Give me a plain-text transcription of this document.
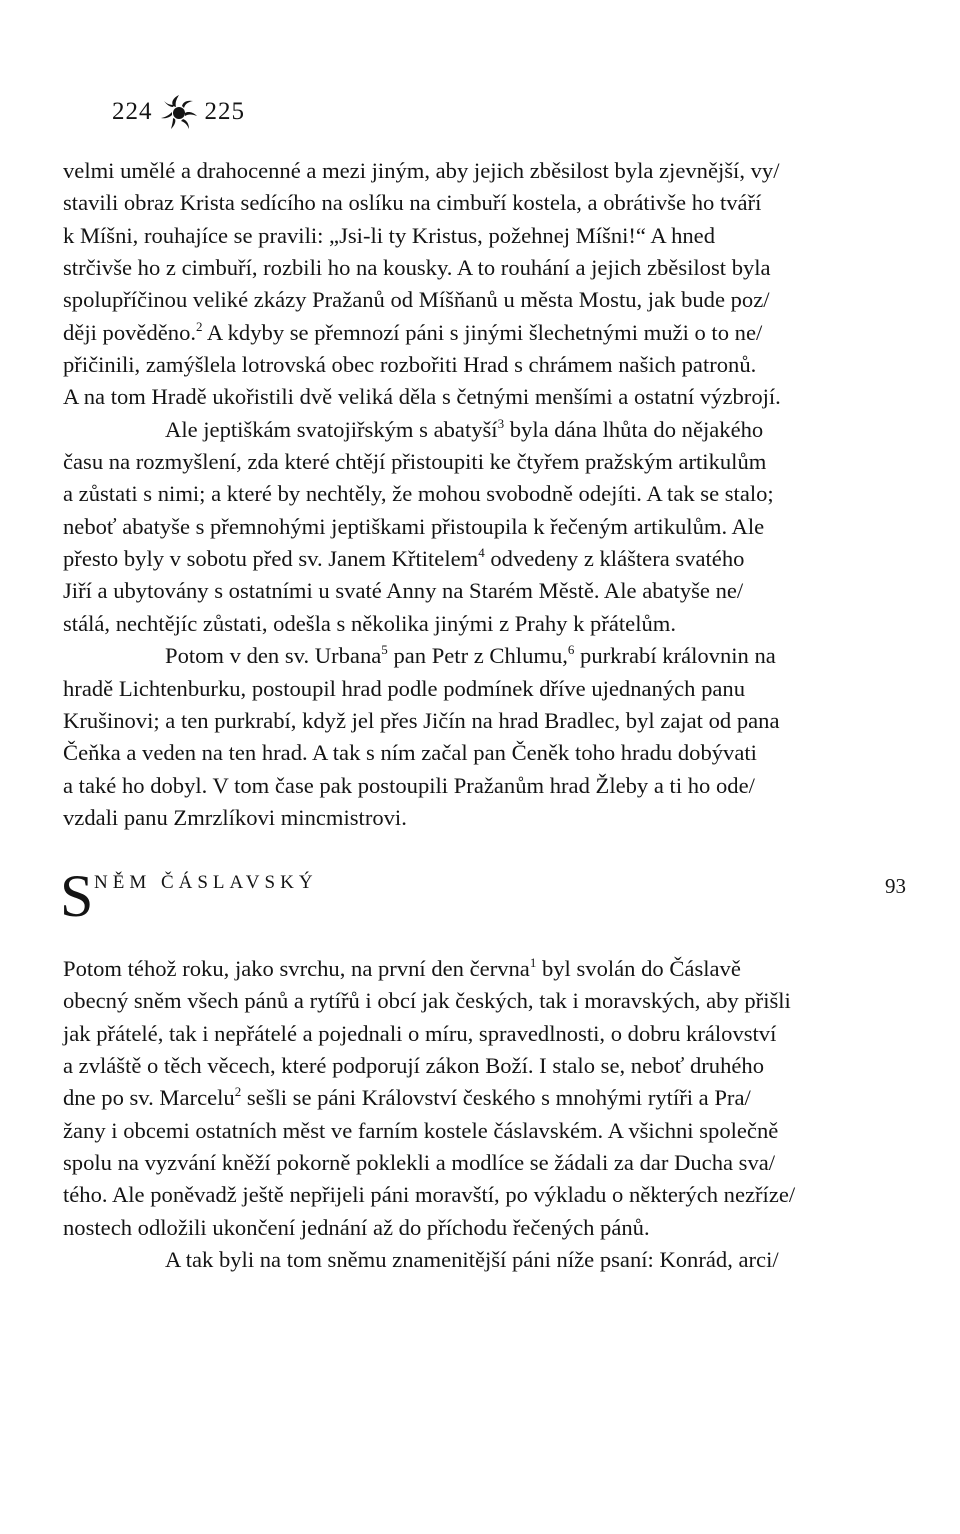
224 225
velmi umělé a drahocenné a mezi jiným, aby jejich zběsilost byla zjevnější, vy/
stavili obraz Krista sedícího na oslíku na cimbuří kostela, a obrátivše ho tváří
k Míšni, rouhajíce se pravili: „Jsi-li ty Kristus, požehnej Míšni!“ A hned
strčivše ho z cimbuří, rozbili ho na kousky. A to rouhání a jejich zběsilost byla
spolupříčinou veliké zkázy Pražanů od Míšňanů u města Mostu, jak bude poz/
ději pověděno.$^2$ A kdyby se přemnozí páni s jinými šlechetnými muži o to ne/
přičinili, zamýšlela lotrovská obec rozbořiti Hrad s chrámem našich patronů.
A na tom Hradě ukořistili dvě veliká děla s četnými menšími a ostatní výzbrojí.
Ale jeptiškám svatojiřským s abatyší$^3$ byla dána lhůta do nějakého
času na rozmyšlení, zda které chtějí přistoupiti ke čtyřem pražským artikulům
a zůstati s nimi; a které by nechtěly, že mohou svobodně odejíti. A tak se stalo;
neboť abatyše s přemnohými jeptiškami přistoupila k řečeným artikulům. Ale
přesto byly v sobotu před sv. Janem Křtitelem$^4$ odvedeny z kláštera svatého
Jiří a ubytovány s ostatními u svaté Anny na Starém Městě. Ale abatyše ne/
stálá, nechtějíc zůstati, odešla s několika jinými z Prahy k přátelům.
Potom v den sv. Urbana$^5$ pan Petr z Chlumu,$^6$ purkrabí královnin na
hradě Lichtenburku, postoupil hrad podle podmínek dříve ujednaných panu
Krušinovi; a ten purkrabí, když jel přes Jičín na hrad Bradlec, byl zajat od pana
Čeňka a veden na ten hrad. A tak s ním začal pan Čeněk toho hradu dobývati
a také ho dobyl. V tom čase pak postoupili Pražanům hrad Žleby a ti ho ode/
vzdali panu Zmrzlíkovi mincmistrovi.
S NĚM ČÁSLAVSKÝ	93
Potom téhož roku, jako svrchu, na první den června$^1$ byl svolán do Čáslavě
obecný sněm všech pánů a rytířů i obcí jak českých, tak i moravských, aby přišli
jak přátelé, tak i nepřátelé a pojednali o míru, spravedlnosti, o dobru království
a zvláště o těch věcech, které podporují zákon Boží. I stalo se, neboť druhého
dne po sv. Marcelu$^2$ sešli se páni Království českého s mnohými rytíři a Pra/
žany i obcemi ostatních měst ve farním kostele čáslavském. A všichni společně
spolu na vyzvání kněží pokorně poklekli a modlíce se žádali za dar Ducha sva/
tého. Ale poněvadž ještě nepřijeli páni moravští, po výkladu o některých nezříze/
nostech odložili ukončení jednání až do příchodu řečených pánů.
A tak byli na tom sněmu znamenitější páni níže psaní: Konrád, arci/
